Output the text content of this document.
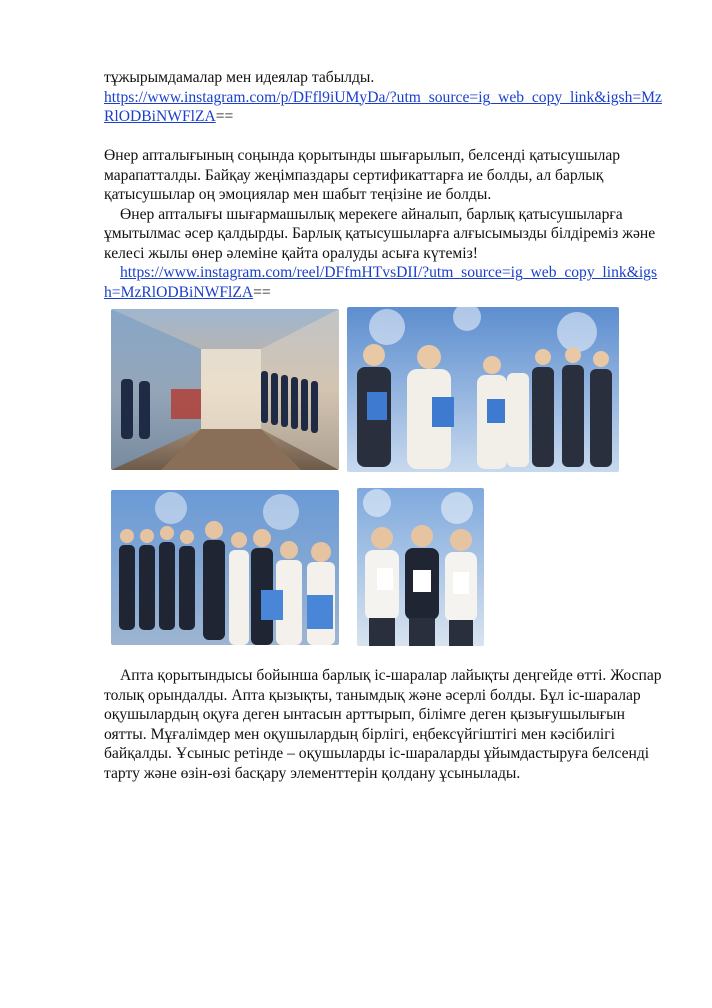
тұжырымдамалар мен идеялар табылды.

https://www.instagram.com/p/DFfl9iUMyDa/?utm_source=ig_web_copy_link&igsh=MzRlODBiNWFlZA==

Өнер апталығының соңында қорытынды шығарылып, белсенді қатысушылар марапатталды. Байқау жеңімпаздары сертификаттарға ие болды, ал барлық қатысушылар оң эмоциялар мен шабыт теңізіне ие болды.

Өнер апталығы шығармашылық мерекеге айналып, барлық қатысушыларға ұмытылмас әсер қалдырды. Барлық қатысушыларға алғысымызды білдіреміз және келесі жылы өнер әлеміне қайта оралуды асыға күтеміз!

https://www.instagram.com/reel/DFfmHTvsDII/?utm_source=ig_web_copy_link&igsh=MzRlODBiNWFlZA==

Апта қорытындысы бойынша барлық іс-шаралар лайықты деңгейде өтті. Жоспар толық орындалды. Апта қызықты, танымдық және әсерлі болды. Бұл іс-шаралар оқушылардың оқуға деген ынтасын арттырып, білімге деген қызығушылығын оятты. Мұғалімдер мен оқушылардың бірлігі, еңбексүйгіштігі мен кәсібилігі байқалды. Ұсыныс ретінде – оқушыларды іс-шараларды ұйымдастыруға белсенді тарту және өзін-өзі басқару элементтерін қолдану ұсынылады.
